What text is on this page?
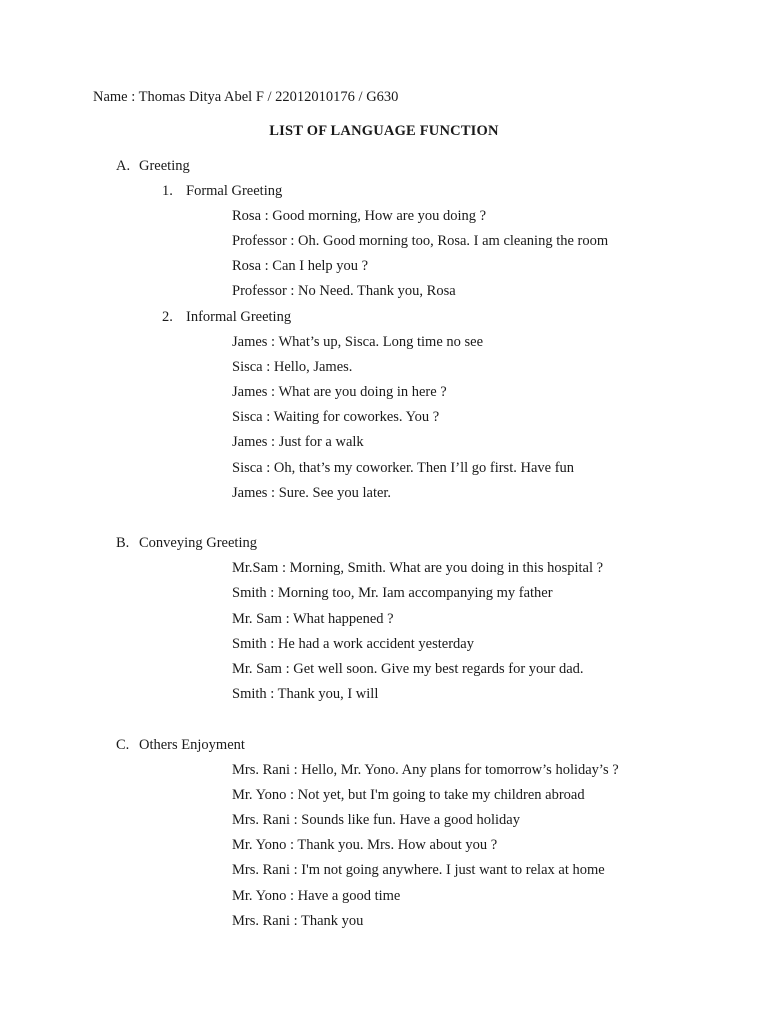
Name : Thomas Ditya Abel F / 22012010176 / G630
LIST OF LANGUAGE FUNCTION
A. Greeting
1. Formal Greeting
Rosa : Good morning, How are you doing ?
Professor : Oh. Good morning too, Rosa. I am cleaning the room
Rosa : Can I help you ?
Professor : No Need. Thank you, Rosa
2. Informal Greeting
James : What’s up, Sisca. Long time no see
Sisca : Hello, James.
James : What are you doing in here ?
Sisca : Waiting for coworkes. You ?
James : Just for a walk
Sisca : Oh, that’s my coworker. Then I’ll go first. Have fun
James : Sure. See you later.
B. Conveying Greeting
Mr.Sam : Morning, Smith. What are you doing in this hospital ?
Smith : Morning too, Mr. Iam accompanying my father
Mr. Sam : What happened ?
Smith : He had a work accident yesterday
Mr. Sam : Get well soon. Give my best regards for your dad.
Smith : Thank you, I will
C. Others Enjoyment
Mrs. Rani : Hello, Mr. Yono. Any plans for tomorrow’s holiday’s ?
Mr. Yono : Not yet, but I'm going to take my children abroad
Mrs. Rani : Sounds like fun. Have a good holiday
Mr. Yono : Thank you. Mrs. How about you ?
Mrs. Rani : I'm not going anywhere. I just want to relax at home
Mr. Yono : Have a good time
Mrs. Rani : Thank you
